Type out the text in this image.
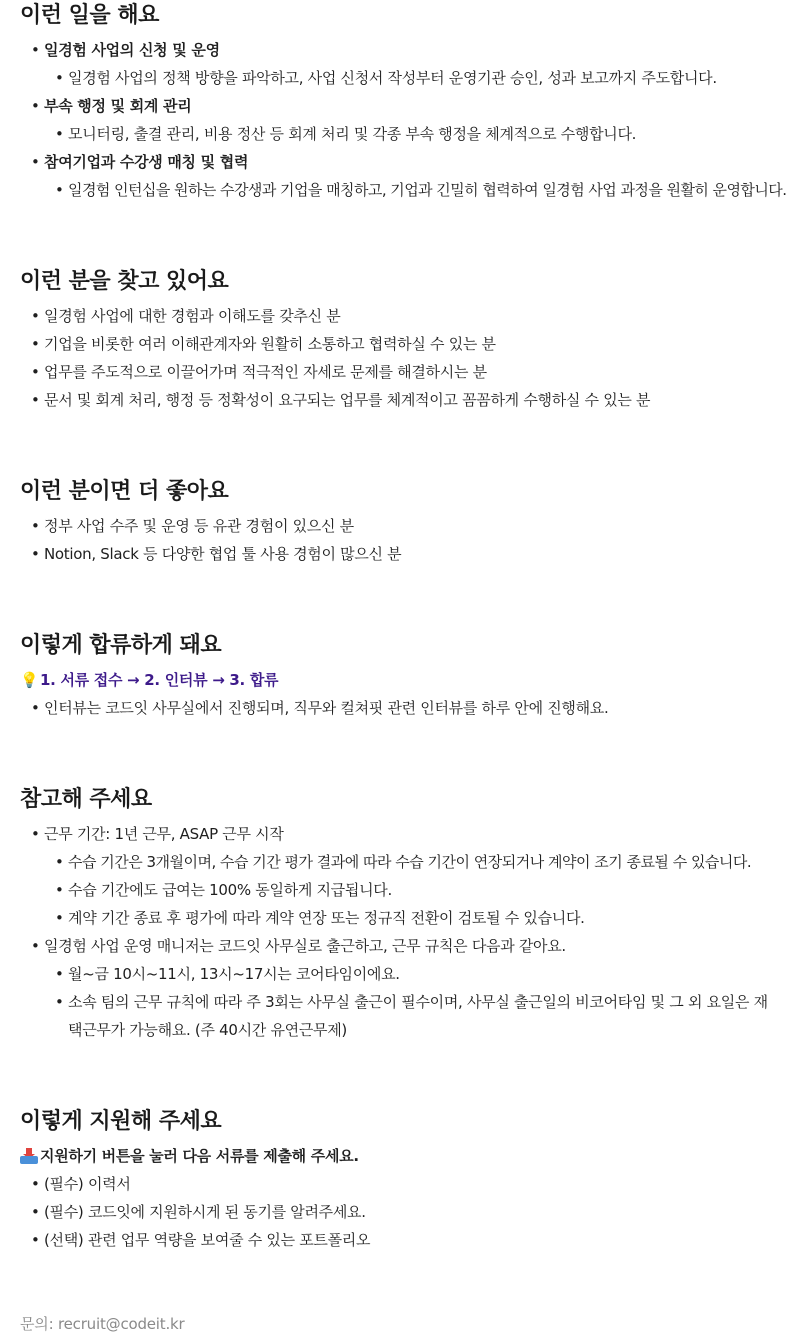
이런 일을 해요
• 일경험 사업의 신청 및 운영
• 일경험 사업의 정책 방향을 파악하고, 사업 신청서 작성부터 운영기관 승인, 성과 보고까지 주도합니다.
• 부속 행정 및 회계 관리
• 모니터링, 출결 관리, 비용 정산 등 회계 처리 및 각종 부속 행정을 체계적으로 수행합니다.
• 참여기업과 수강생 매칭 및 협력
• 일경험 인턴십을 원하는 수강생과 기업을 매칭하고, 기업과 긴밀히 협력하여 일경험 사업 과정을 원활히 운영합니다.
이런 분을 찾고 있어요
• 일경험 사업에 대한 경험과 이해도를 갖추신 분
• 기업을 비롯한 여러 이해관계자와 원활히 소통하고 협력하실 수 있는 분
• 업무를 주도적으로 이끌어가며 적극적인 자세로 문제를 해결하시는 분
• 문서 및 회계 처리, 행정 등 정확성이 요구되는 업무를 체계적이고 꼼꼼하게 수행하실 수 있는 분
이런 분이면 더 좋아요
• 정부 사업 수주 및 운영 등 유관 경험이 있으신 분
• Notion, Slack 등 다양한 협업 툴 사용 경험이 많으신 분
이렇게 합류하게 돼요
💡 1. 서류 접수 → 2. 인터뷰 → 3. 합류
• 인터뷰는 코드잇 사무실에서 진행되며, 직무와 컬쳐핏 관련 인터뷰를 하루 안에 진행해요.
참고해 주세요
• 근무 기간: 1년 근무, ASAP 근무 시작
• 수습 기간은 3개월이며, 수습 기간 평가 결과에 따라 수습 기간이 연장되거나 계약이 조기 종료될 수 있습니다.
• 수습 기간에도 급여는 100% 동일하게 지급됩니다.
• 계약 기간 종료 후 평가에 따라 계약 연장 또는 정규직 전환이 검토될 수 있습니다.
• 일경험 사업 운영 매니저는 코드잇 사무실로 출근하고, 근무 규칙은 다음과 같아요.
• 월~금 10시~11시, 13시~17시는 코어타임이에요.
• 소속 팀의 근무 규칙에 따라 주 3회는 사무실 출근이 필수이며, 사무실 출근일의 비코어타임 및 그 외 요일은 재택근무가 가능해요. (주 40시간 유연근무제)
이렇게 지원해 주세요
지원하기 버튼을 눌러 다음 서류를 제출해 주세요.
• (필수) 이력서
• (필수) 코드잇에 지원하시게 된 동기를 알려주세요.
• (선택) 관련 업무 역량을 보여줄 수 있는 포트폴리오
문의: recruit@codeit.kr
